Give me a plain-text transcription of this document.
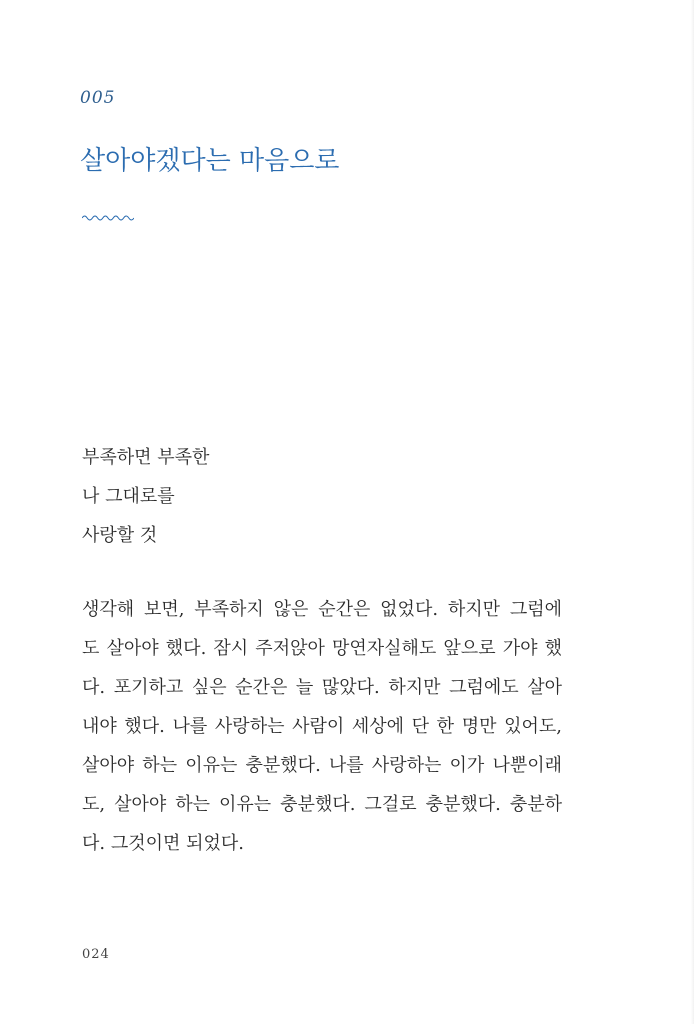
005
살아야겠다는 마음으로
부족하면 부족한
나 그대로를
사랑할 것
생각해 보면, 부족하지 않은 순간은 없었다. 하지만 그럼에
도 살아야 했다. 잠시 주저앉아 망연자실해도 앞으로 가야 했
다. 포기하고 싶은 순간은 늘 많았다. 하지만 그럼에도 살아
내야 했다. 나를 사랑하는 사람이 세상에 단 한 명만 있어도,
살아야 하는 이유는 충분했다. 나를 사랑하는 이가 나뿐이래
도, 살아야 하는 이유는 충분했다. 그걸로 충분했다. 충분하
다. 그것이면 되었다.
024
